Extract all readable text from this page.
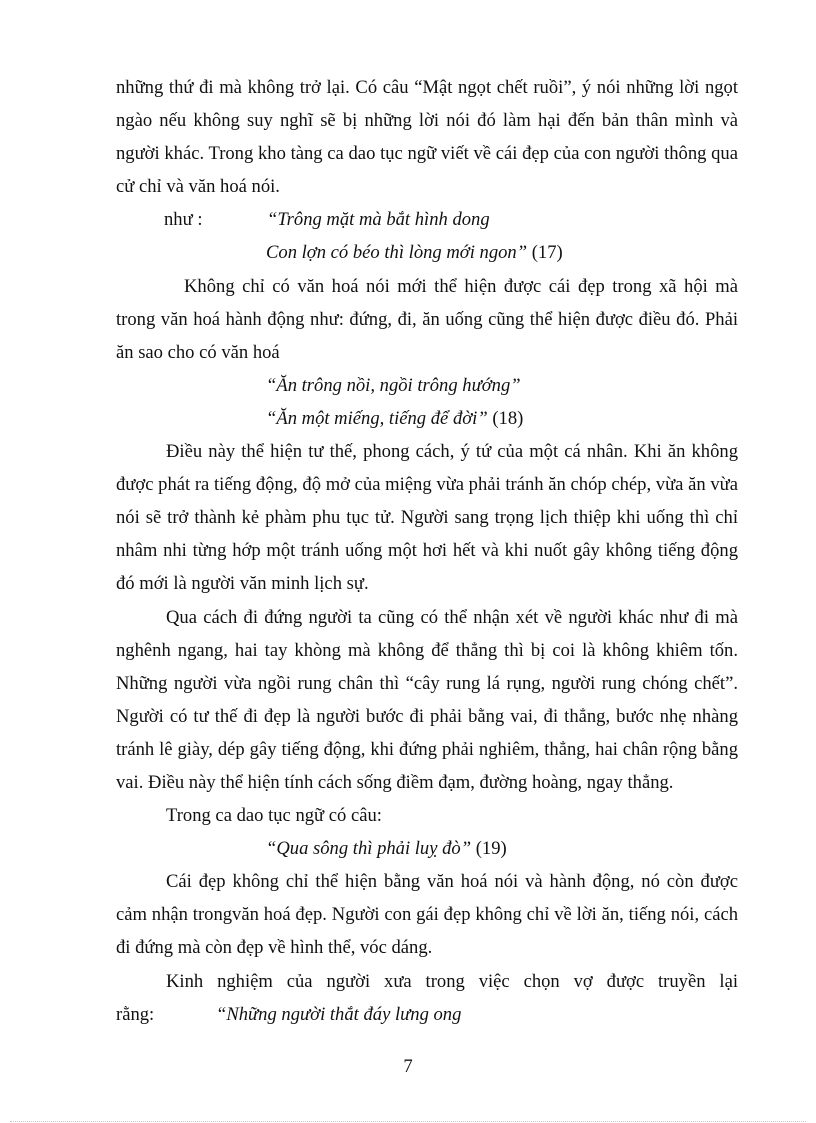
những thứ đi mà không trở lại. Có câu “Mật ngọt chết ruồi”, ý nói những lời ngọt ngào nếu không suy nghĩ sẽ bị những lời nói đó làm hại đến bản thân mình và người khác. Trong kho tàng ca dao tục ngữ viết về cái đẹp của con người thông qua cử chỉ và văn hoá nói.

như :	“Trông mặt mà bắt hình dong

Con lợn có béo thì lòng mới ngon” (17)

Không chỉ có văn hoá nói mới thể hiện được cái đẹp trong xã hội mà trong văn hoá hành động như: đứng, đi, ăn uống cũng thể hiện được điều đó. Phải ăn sao cho có văn hoá

“Ăn trông nồi, ngồi trông hướng”

“Ăn một miếng, tiếng để đời” (18)

Điều này thể hiện tư thế, phong cách, ý tứ của một cá nhân. Khi ăn không được phát ra tiếng động, độ mở của miệng vừa phải tránh ăn chóp chép, vừa ăn vừa nói sẽ trở thành kẻ phàm phu tục tử. Người sang trọng lịch thiệp khi uống thì chỉ nhâm nhi từng hớp một tránh uống một hơi hết và khi nuốt gây không tiếng động đó mới là người văn minh lịch sự.

Qua cách đi đứng người ta cũng có thể nhận xét về người khác như đi mà nghênh ngang, hai tay khòng mà không để thẳng thì bị coi là không khiêm tốn. Những người vừa ngồi rung chân thì “cây rung lá rụng, người rung chóng chết”. Người có tư thế đi đẹp là người bước đi phải bằng vai, đi thẳng, bước nhẹ nhàng tránh lê giày, dép gây tiếng động, khi đứng phải nghiêm, thẳng, hai chân rộng bằng vai. Điều này thể hiện tính cách sống điềm đạm, đường hoàng, ngay thẳng.

Trong ca dao tục ngữ có câu:

“Qua sông thì phải luỵ đò” (19)

Cái đẹp không chỉ thể hiện bằng văn hoá nói và hành động, nó còn được cảm nhận trongvăn hoá đẹp. Người con gái đẹp không chỉ về lời ăn, tiếng nói, cách đi đứng mà còn đẹp về hình thể, vóc dáng.

Kinh nghiệm của người xưa trong việc chọn vợ được truyền lại

rằng:	“Những người thắt đáy lưng ong

7
